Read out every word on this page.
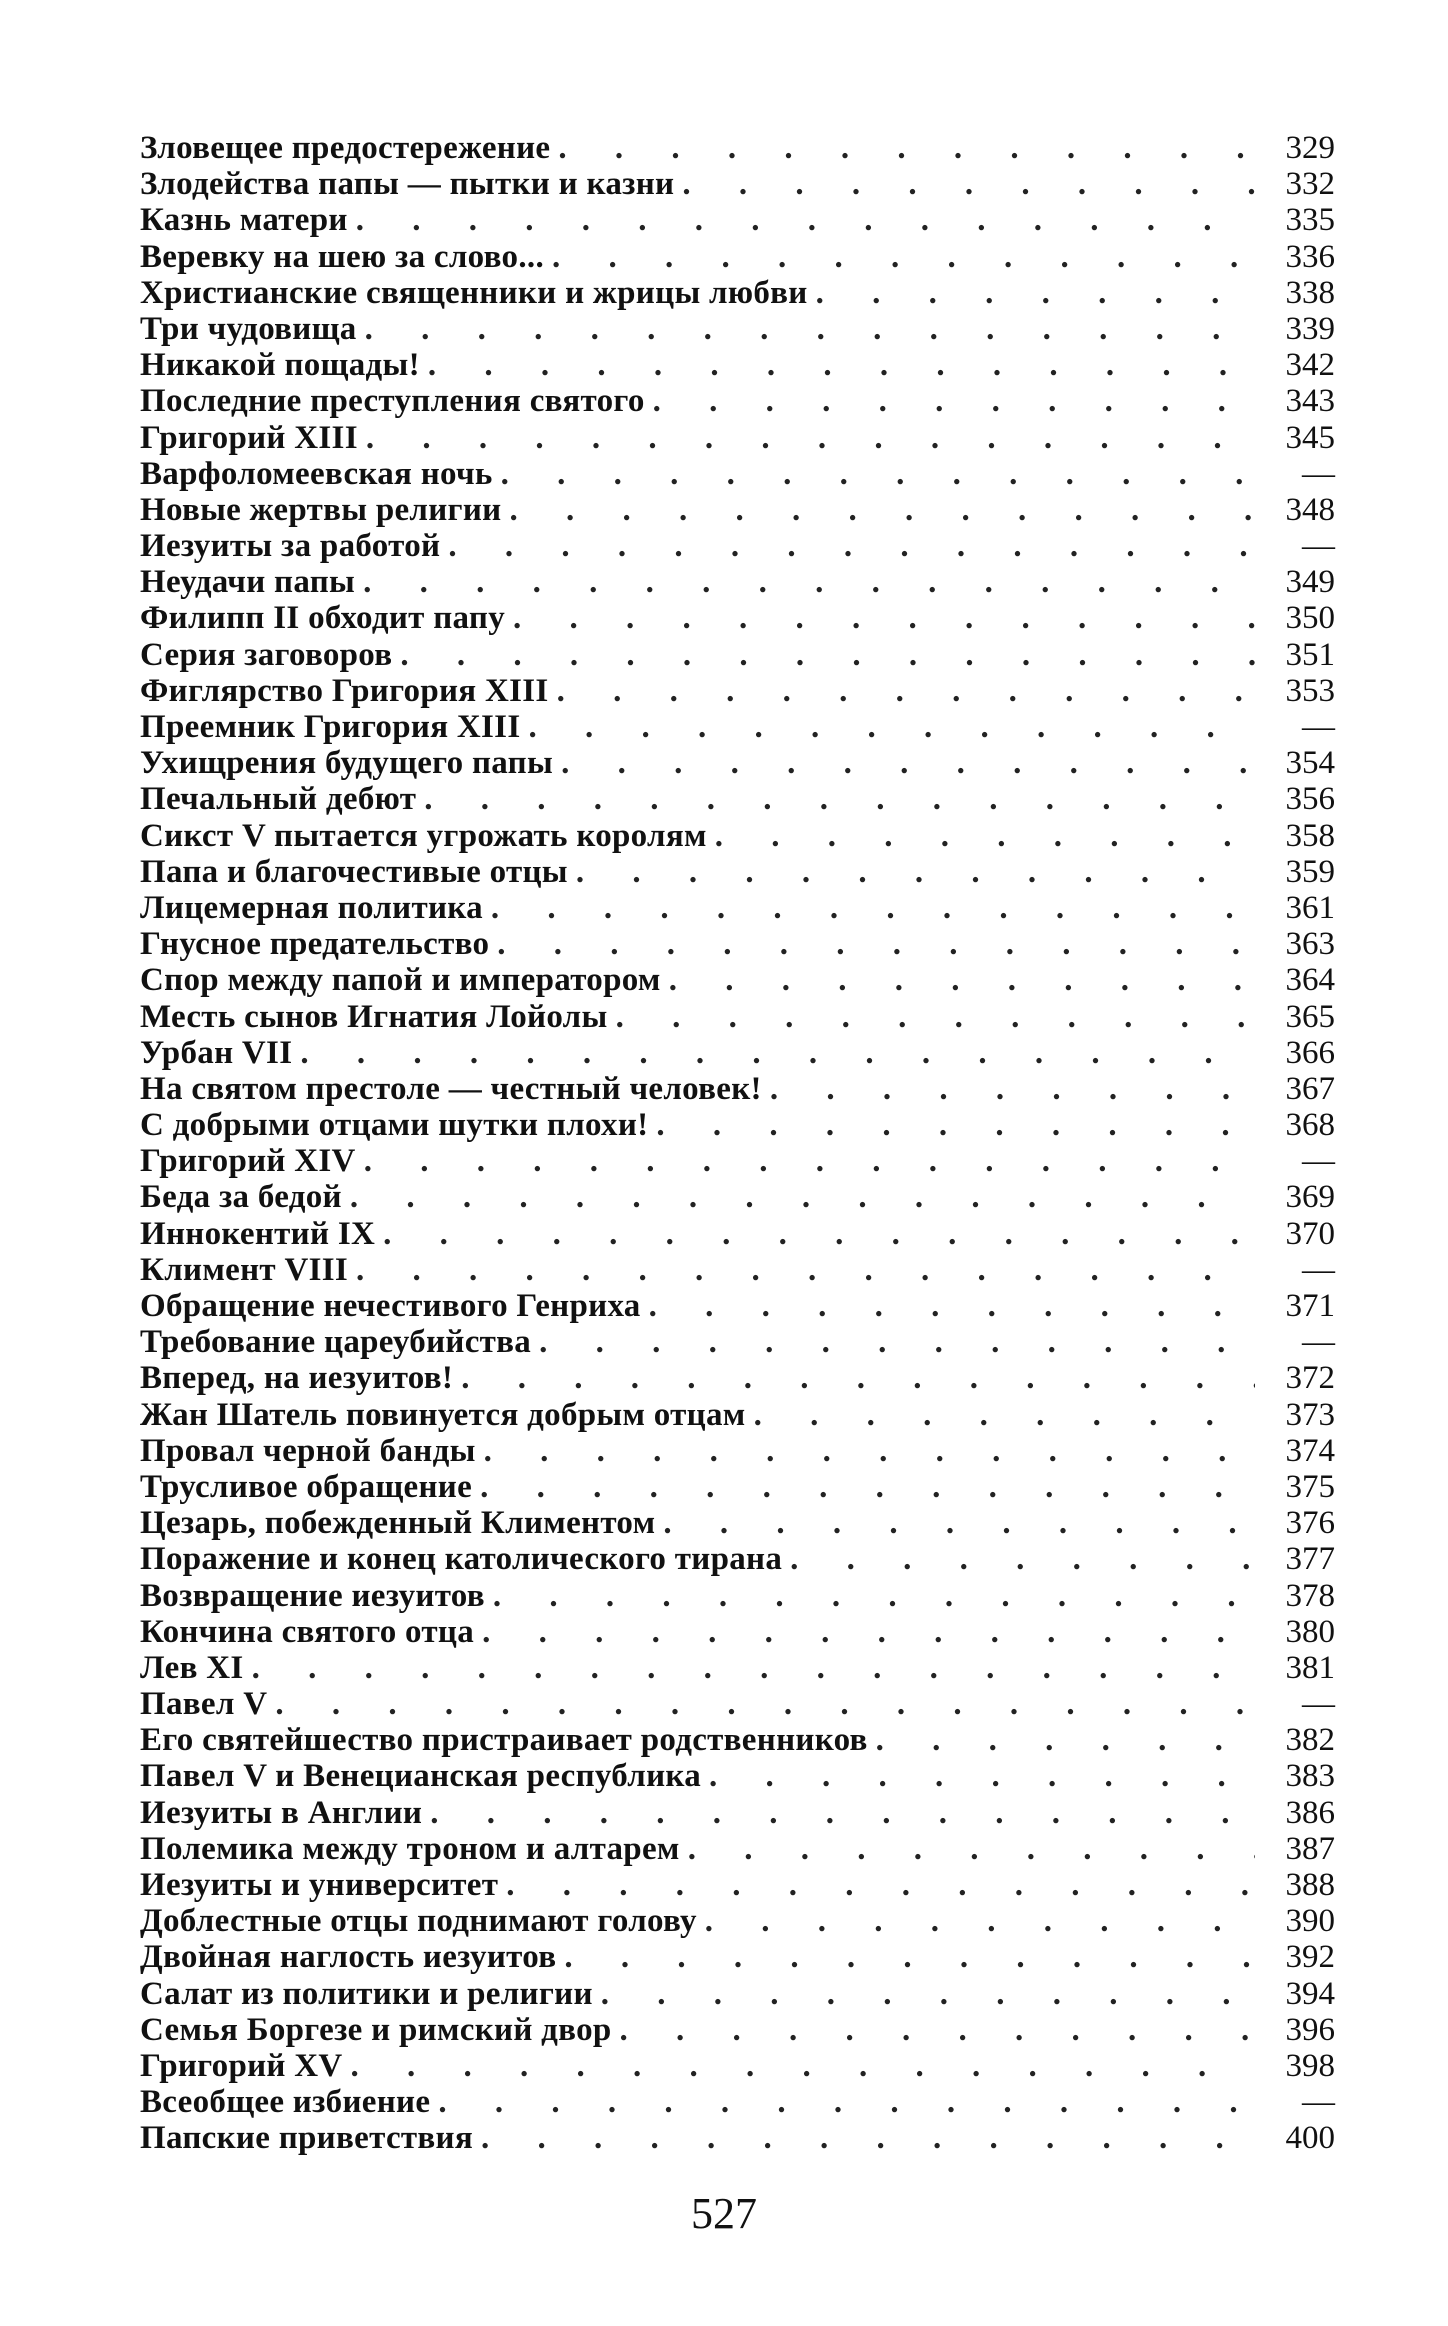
Зловещее предостережение . . .	329
Злодейства папы — пытки и казни . . .	332
Казнь матери . . .	335
Веревку на шею за слово... . . .	336
Христианские священники и жрицы любви . . .	338
Три чудовища . . .	339
Никакой пощады! . . .	342
Последние преступления святого . . .	343
Григорий XIII . . .	345
Варфоломеевская ночь . . .	—
Новые жертвы религии . . .	348
Иезуиты за работой . . .	—
Неудачи папы . . .	349
Филипп II обходит папу . . .	350
Серия заговоров . . .	351
Фиглярство Григория XIII . . .	353
Преемник Григория XIII . . .	—
Ухищрения будущего папы . . .	354
Печальный дебют . . .	356
Сикст V пытается угрожать королям . . .	358
Папа и благочестивые отцы . . .	359
Лицемерная политика . . .	361
Гнусное предательство . . .	363
Спор между папой и императором . . .	364
Месть сынов Игнатия Лойолы . . .	365
Урбан VII . . .	366
На святом престоле — честный человек! . . .	367
С добрыми отцами шутки плохи! . . .	368
Григорий XIV . . .	—
Беда за бедой . . .	369
Иннокентий IX . . .	370
Климент VIII . . .	—
Обращение нечестивого Генриха . . .	371
Требование цареубийства . . .	—
Вперед, на иезуитов! . . .	372
Жан Шатель повинуется добрым отцам . . .	373
Провал черной банды . . .	374
Трусливое обращение . . .	375
Цезарь, побежденный Климентом . . .	376
Поражение и конец католического тирана . . .	377
Возвращение иезуитов . . .	378
Кончина святого отца . . .	380
Лев XI . . .	381
Павел V . . .	—
Его святейшество пристраивает родственников . . .	382
Павел V и Венецианская республика . . .	383
Иезуиты в Англии . . .	386
Полемика между троном и алтарем . . .	387
Иезуиты и университет . . .	388
Доблестные отцы поднимают голову . . .	390
Двойная наглость иезуитов . . .	392
Салат из политики и религии . . .	394
Семья Боргезе и римский двор . . .	396
Григорий XV . . .	398
Всеобщее избиение . . .	—
Папские приветствия . . .	400
527
